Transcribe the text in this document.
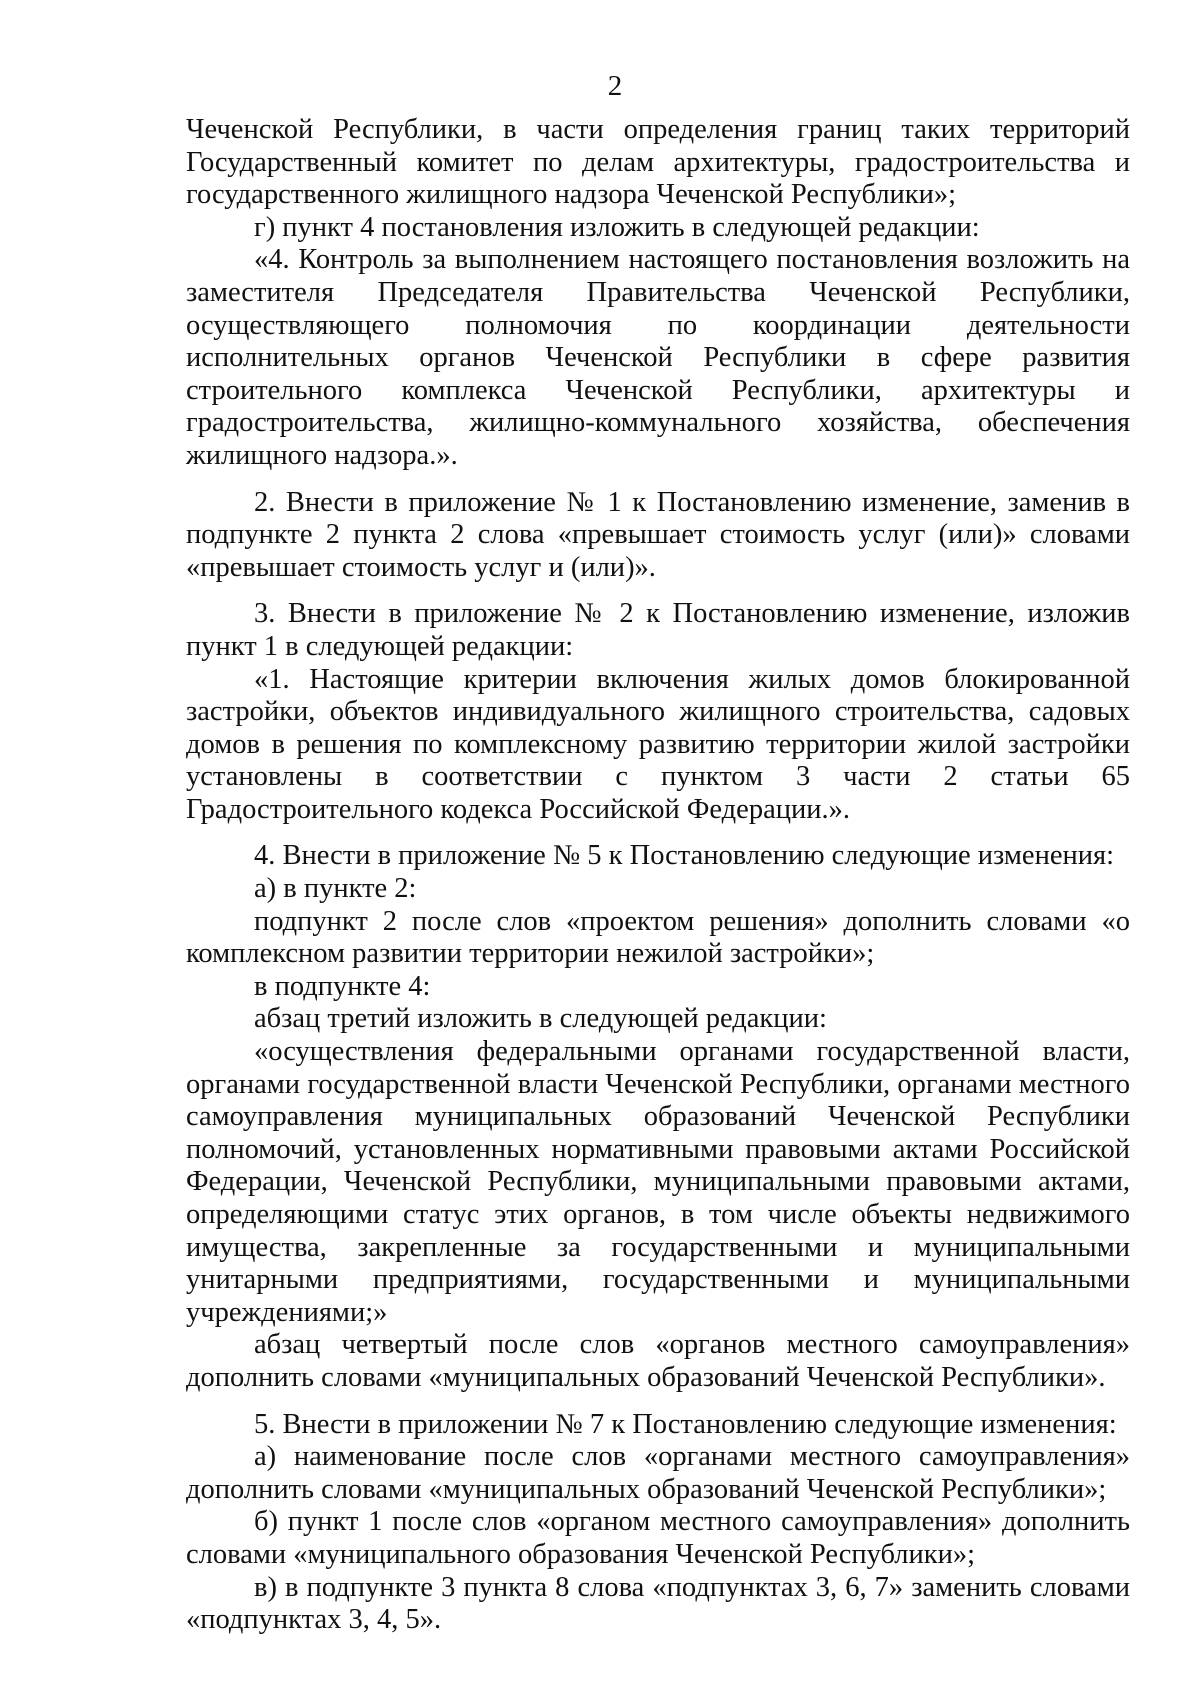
2

Чеченской Республики, в части определения границ таких территорий Государственный комитет по делам архитектуры, градостроительства и государственного жилищного надзора Чеченской Республики»;

г) пункт 4 постановления изложить в следующей редакции:

«4. Контроль за выполнением настоящего постановления возложить на заместителя Председателя Правительства Чеченской Республики, осуществляющего полномочия по координации деятельности исполнительных органов Чеченской Республики в сфере развития строительного комплекса Чеченской Республики, архитектуры и градостроительства, жилищно-коммунального хозяйства, обеспечения жилищного надзора.».

2. Внести в приложение № 1 к Постановлению изменение, заменив в подпункте 2 пункта 2 слова «превышает стоимость услуг (или)» словами «превышает стоимость услуг и (или)».

3. Внести в приложение № 2 к Постановлению изменение, изложив пункт 1 в следующей редакции:

«1. Настоящие критерии включения жилых домов блокированной застройки, объектов индивидуального жилищного строительства, садовых домов в решения по комплексному развитию территории жилой застройки установлены в соответствии с пунктом 3 части 2 статьи 65 Градостроительного кодекса Российской Федерации.».

4. Внести в приложение № 5 к Постановлению следующие изменения:

а) в пункте 2:

подпункт 2 после слов «проектом решения» дополнить словами «о комплексном развитии территории нежилой застройки»;

в подпункте 4:

абзац третий изложить в следующей редакции:

«осуществления федеральными органами государственной власти, органами государственной власти Чеченской Республики, органами местного самоуправления муниципальных образований Чеченской Республики полномочий, установленных нормативными правовыми актами Российской Федерации, Чеченской Республики, муниципальными правовыми актами, определяющими статус этих органов, в том числе объекты недвижимого имущества, закрепленные за государственными и муниципальными унитарными предприятиями, государственными и муниципальными учреждениями;»

абзац четвертый после слов «органов местного самоуправления» дополнить словами «муниципальных образований Чеченской Республики».

5. Внести в приложении № 7 к Постановлению следующие изменения:

а) наименование после слов «органами местного самоуправления» дополнить словами «муниципальных образований Чеченской Республики»;

б) пункт 1 после слов «органом местного самоуправления» дополнить словами «муниципального образования Чеченской Республики»;

в) в подпункте 3 пункта 8 слова «подпунктах 3, 6, 7» заменить словами «подпунктах 3, 4, 5».
